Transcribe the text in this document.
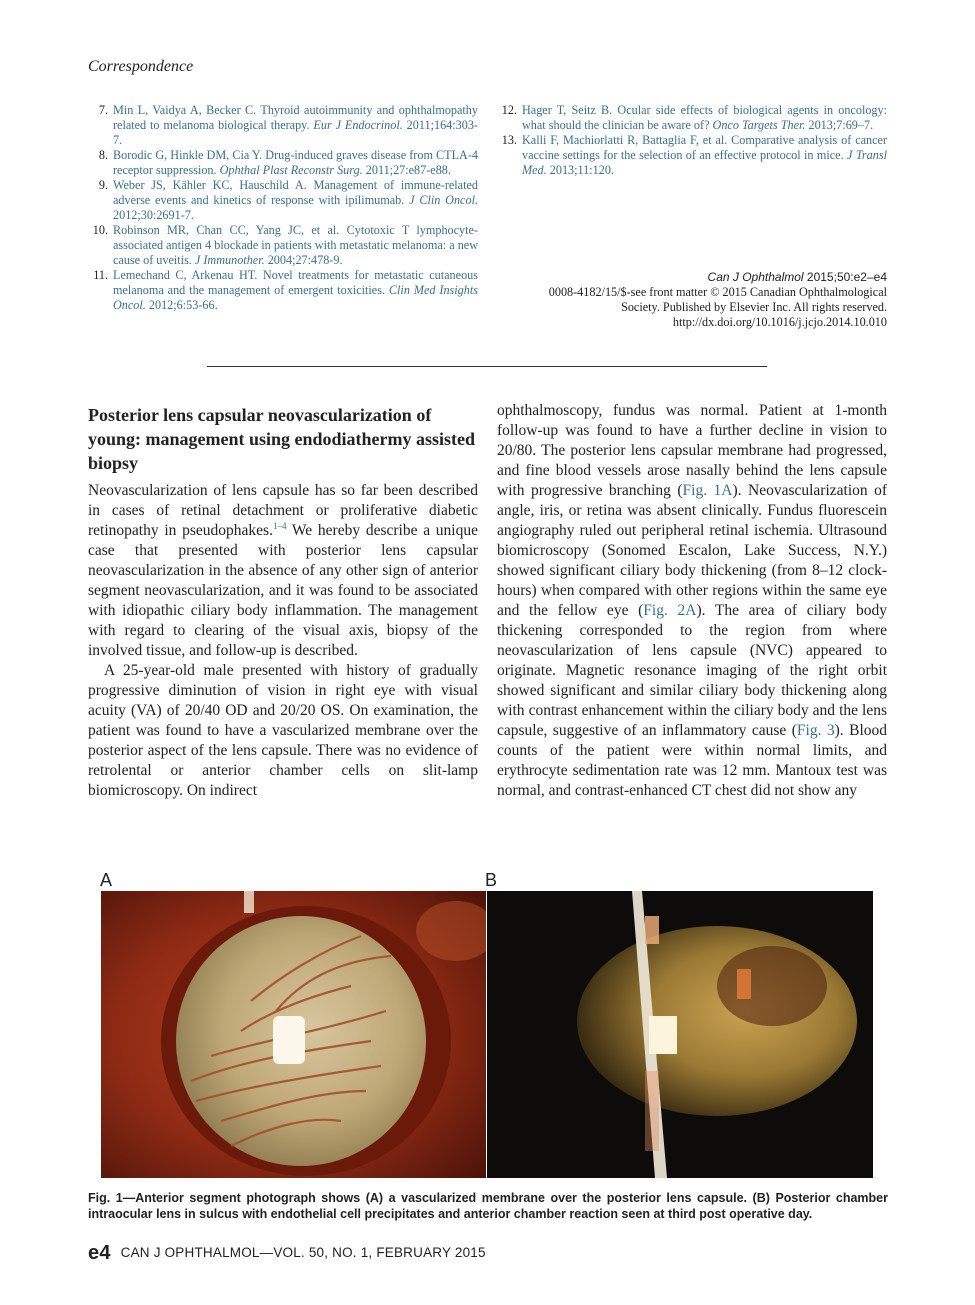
Correspondence
7. Min L, Vaidya A, Becker C. Thyroid autoimmunity and ophthalmopathy related to melanoma biological therapy. Eur J Endocrinol. 2011;164:303-7.
8. Borodic G, Hinkle DM, Cia Y. Drug-induced graves disease from CTLA-4 receptor suppression. Ophthal Plast Reconstr Surg. 2011;27:e87-e88.
9. Weber JS, Kähler KC, Hauschild A. Management of immune-related adverse events and kinetics of response with ipilimumab. J Clin Oncol. 2012;30:2691-7.
10. Robinson MR, Chan CC, Yang JC, et al. Cytotoxic T lymphocyte-associated antigen 4 blockade in patients with metastatic melanoma: a new cause of uveitis. J Immunother. 2004;27:478-9.
11. Lemechand C, Arkenau HT. Novel treatments for metastatic cutaneous melanoma and the management of emergent toxicities. Clin Med Insights Oncol. 2012;6:53-66.
12. Hager T, Seitz B. Ocular side effects of biological agents in oncology: what should the clinician be aware of? Onco Targets Ther. 2013;7:69–7.
13. Kalli F, Machiorlatti R, Battaglia F, et al. Comparative analysis of cancer vaccine settings for the selection of an effective protocol in mice. J Transl Med. 2013;11:120.
Can J Ophthalmol 2015;50:e2–e4
0008-4182/15/$-see front matter © 2015 Canadian Ophthalmological
Society. Published by Elsevier Inc. All rights reserved.
http://dx.doi.org/10.1016/j.jcjo.2014.10.010
Posterior lens capsular neovascularization of young: management using endodiathermy assisted biopsy

Neovascularization of lens capsule has so far been described in cases of retinal detachment or proliferative diabetic retinopathy in pseudophakes.$^{1-4}$ We hereby describe a unique case that presented with posterior lens capsular neovascularization in the absence of any other sign of anterior segment neovascularization, and it was found to be associated with idiopathic ciliary body inflammation. The management with regard to clearing of the visual axis, biopsy of the involved tissue, and follow-up is described.

A 25-year-old male presented with history of gradually progressive diminution of vision in right eye with visual acuity (VA) of 20/40 OD and 20/20 OS. On examination, the patient was found to have a vascularized membrane over the posterior aspect of the lens capsule. There was no evidence of retrolental or anterior chamber cells on slit-lamp biomicroscopy. On indirect

ophthalmoscopy, fundus was normal. Patient at 1-month follow-up was found to have a further decline in vision to 20/80. The posterior lens capsular membrane had progressed, and fine blood vessels arose nasally behind the lens capsule with progressive branching (Fig. 1A). Neovascularization of angle, iris, or retina was absent clinically. Fundus fluorescein angiography ruled out peripheral retinal ischemia. Ultrasound biomicroscopy (Sonomed Escalon, Lake Success, N.Y.) showed significant ciliary body thickening (from 8–12 clock-hours) when compared with other regions within the same eye and the fellow eye (Fig. 2A). The area of ciliary body thickening corresponded to the region from where neovascularization of lens capsule (NVC) appeared to originate. Magnetic resonance imaging of the right orbit showed significant and similar ciliary body thickening along with contrast enhancement within the ciliary body and the lens capsule, suggestive of an inflammatory cause (Fig. 3). Blood counts of the patient were within normal limits, and erythrocyte sedimentation rate was 12 mm. Mantoux test was normal, and contrast-enhanced CT chest did not show any

A	B
Fig. 1—Anterior segment photograph shows (A) a vascularized membrane over the posterior lens capsule. (B) Posterior chamber intraocular lens in sulcus with endothelial cell precipitates and anterior chamber reaction seen at third post operative day.
e4 CAN J OPHTHALMOL—VOL. 50, NO. 1, FEBRUARY 2015
